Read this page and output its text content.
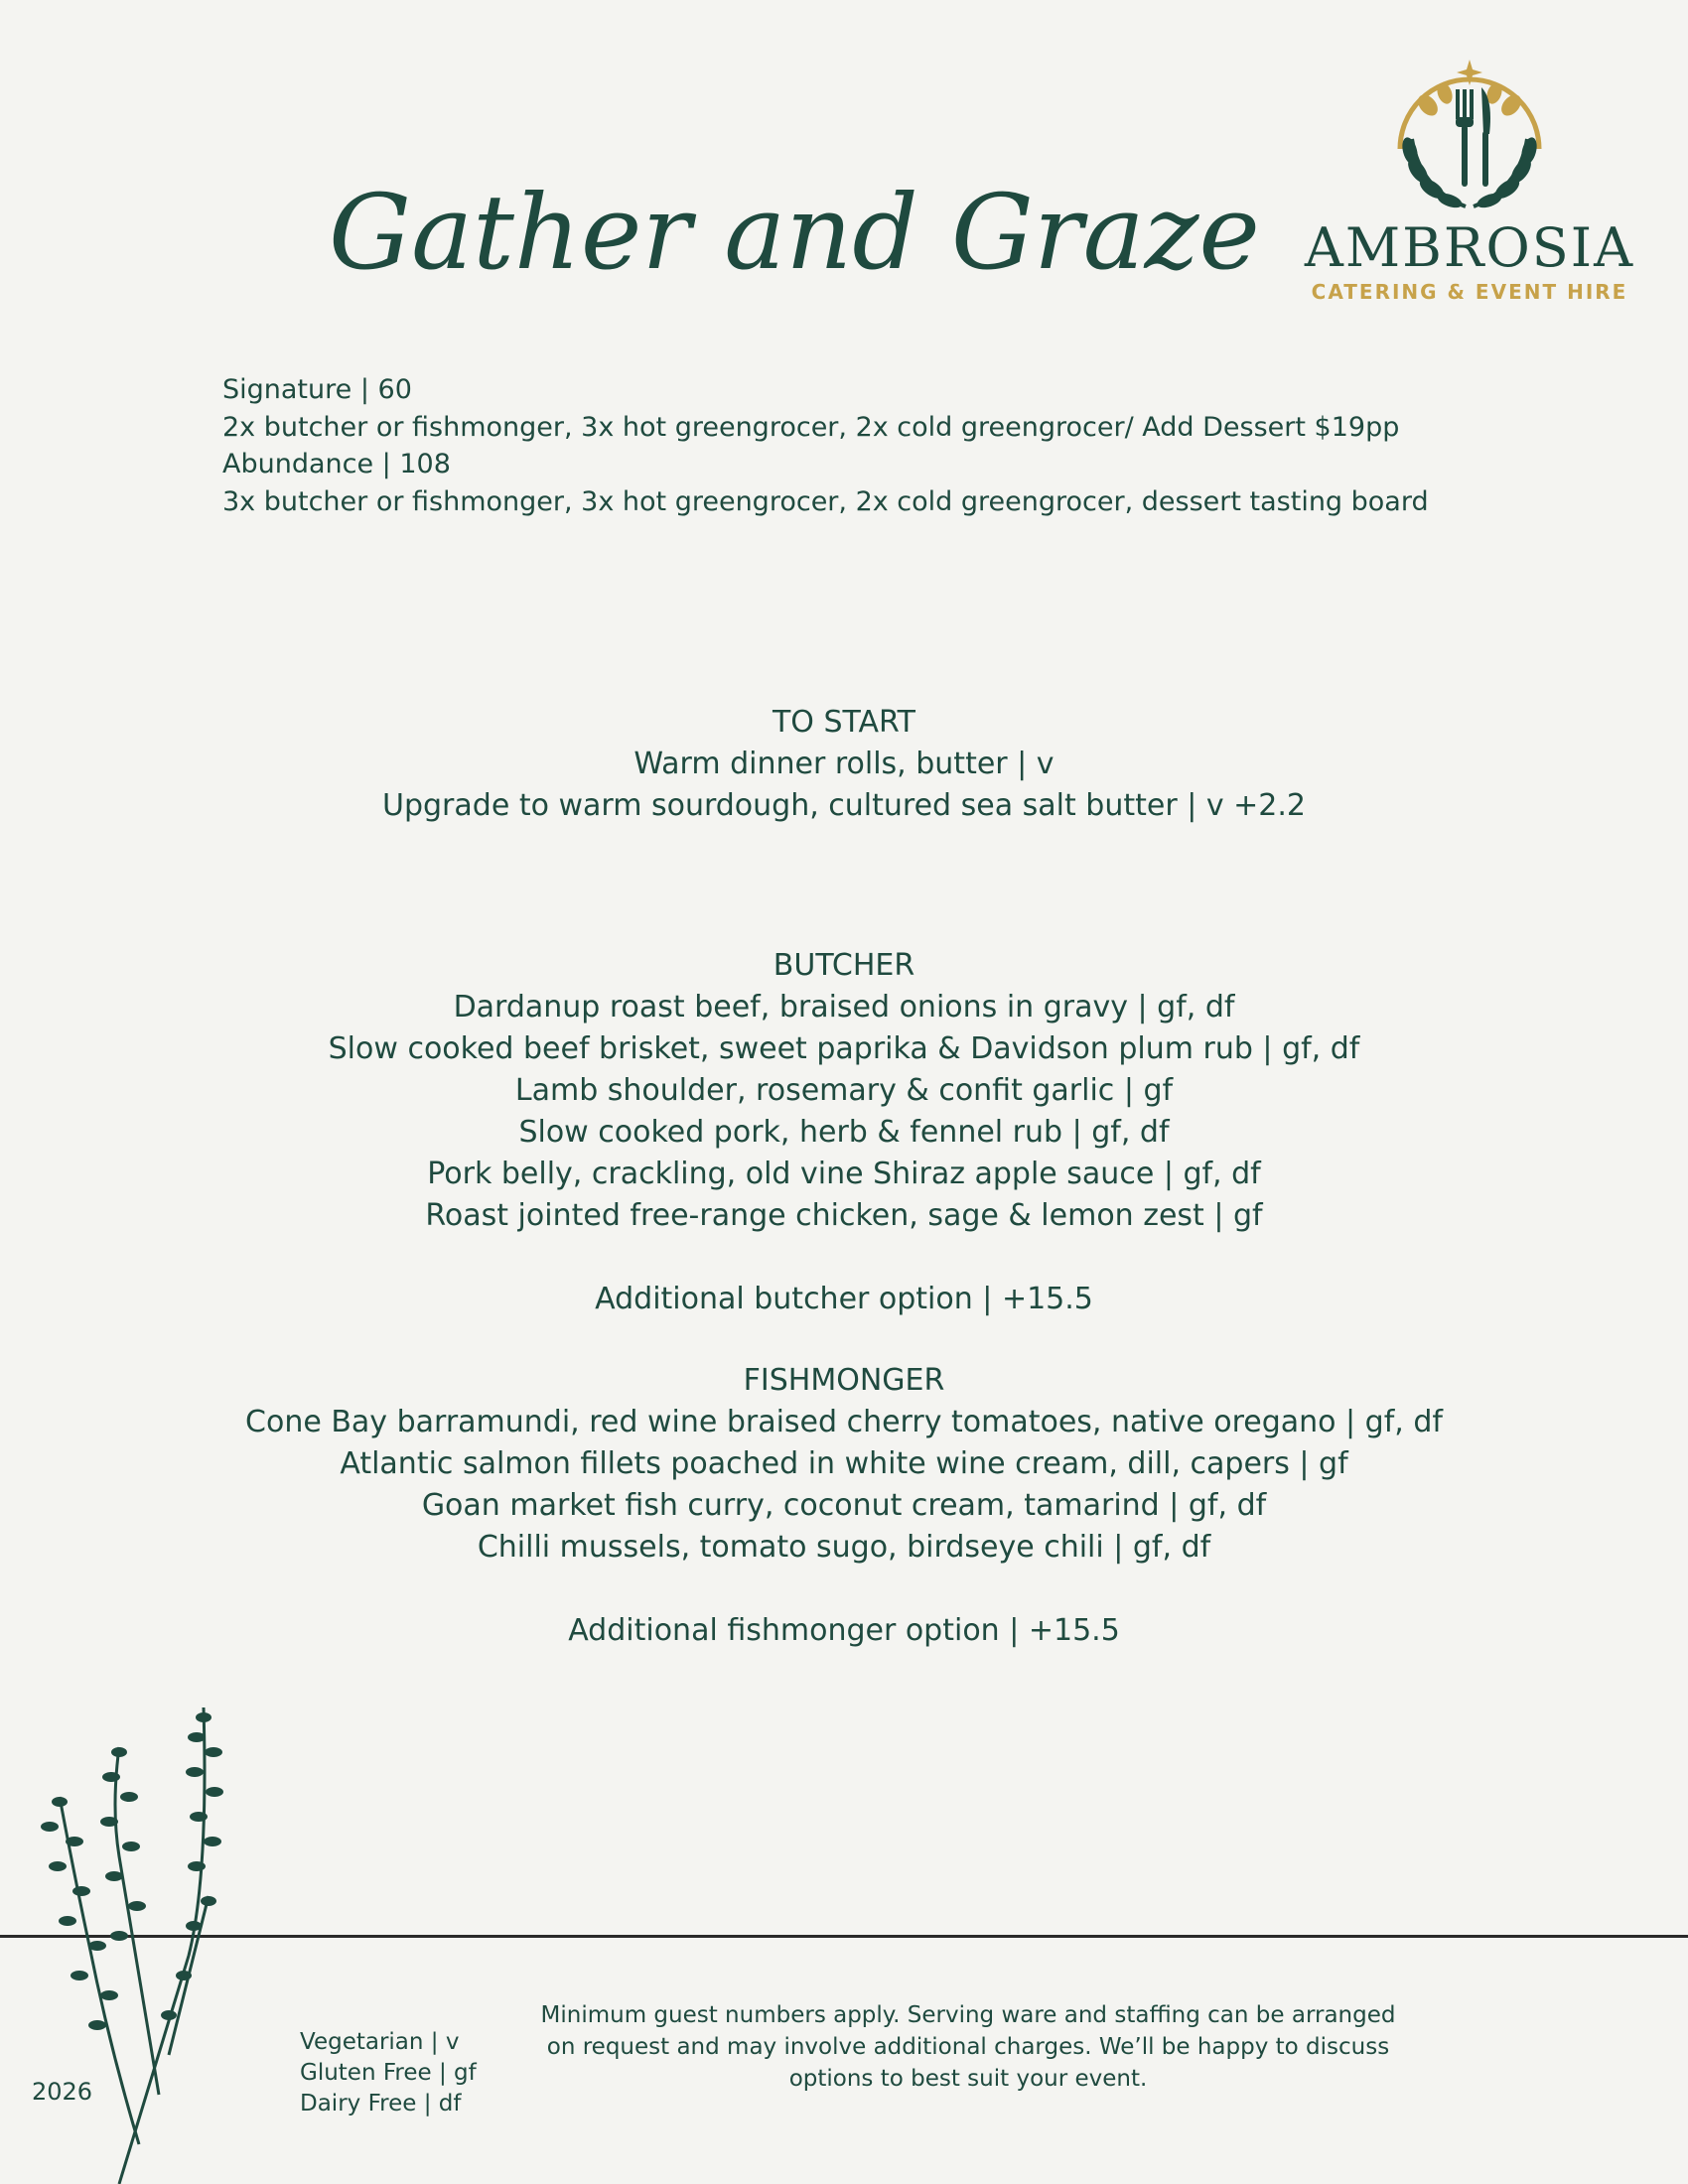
Gather and Graze AMBROSIA
CATERING & EVENT HIRE
Signature | 60
2x butcher or fishmonger, 3x hot greengrocer, 2x cold greengrocer/ Add Dessert $19pp
Abundance | 108
3x butcher or fishmonger, 3x hot greengrocer, 2x cold greengrocer, dessert tasting board
TO START
Warm dinner rolls, butter | v
Upgrade to warm sourdough, cultured sea salt butter | v +2.2
BUTCHER
Dardanup roast beef, braised onions in gravy | gf, df
Slow cooked beef brisket, sweet paprika & Davidson plum rub | gf, df
Lamb shoulder, rosemary & confit garlic | gf
Slow cooked pork, herb & fennel rub | gf, df
Pork belly, crackling, old vine Shiraz apple sauce | gf, df
Roast jointed free-range chicken, sage & lemon zest | gf
Additional butcher option | +15.5
FISHMONGER
Cone Bay barramundi, red wine braised cherry tomatoes, native oregano | gf, df
Atlantic salmon fillets poached in white wine cream, dill, capers | gf
Goan market fish curry, coconut cream, tamarind | gf, df
Chilli mussels, tomato sugo, birdseye chili | gf, df
Additional fishmonger option | +15.5
2026
Vegetarian | v
Gluten Free | gf
Dairy Free | df
Minimum guest numbers apply. Serving ware and staffing can be arranged
on request and may involve additional charges. We’ll be happy to discuss
options to best suit your event.
